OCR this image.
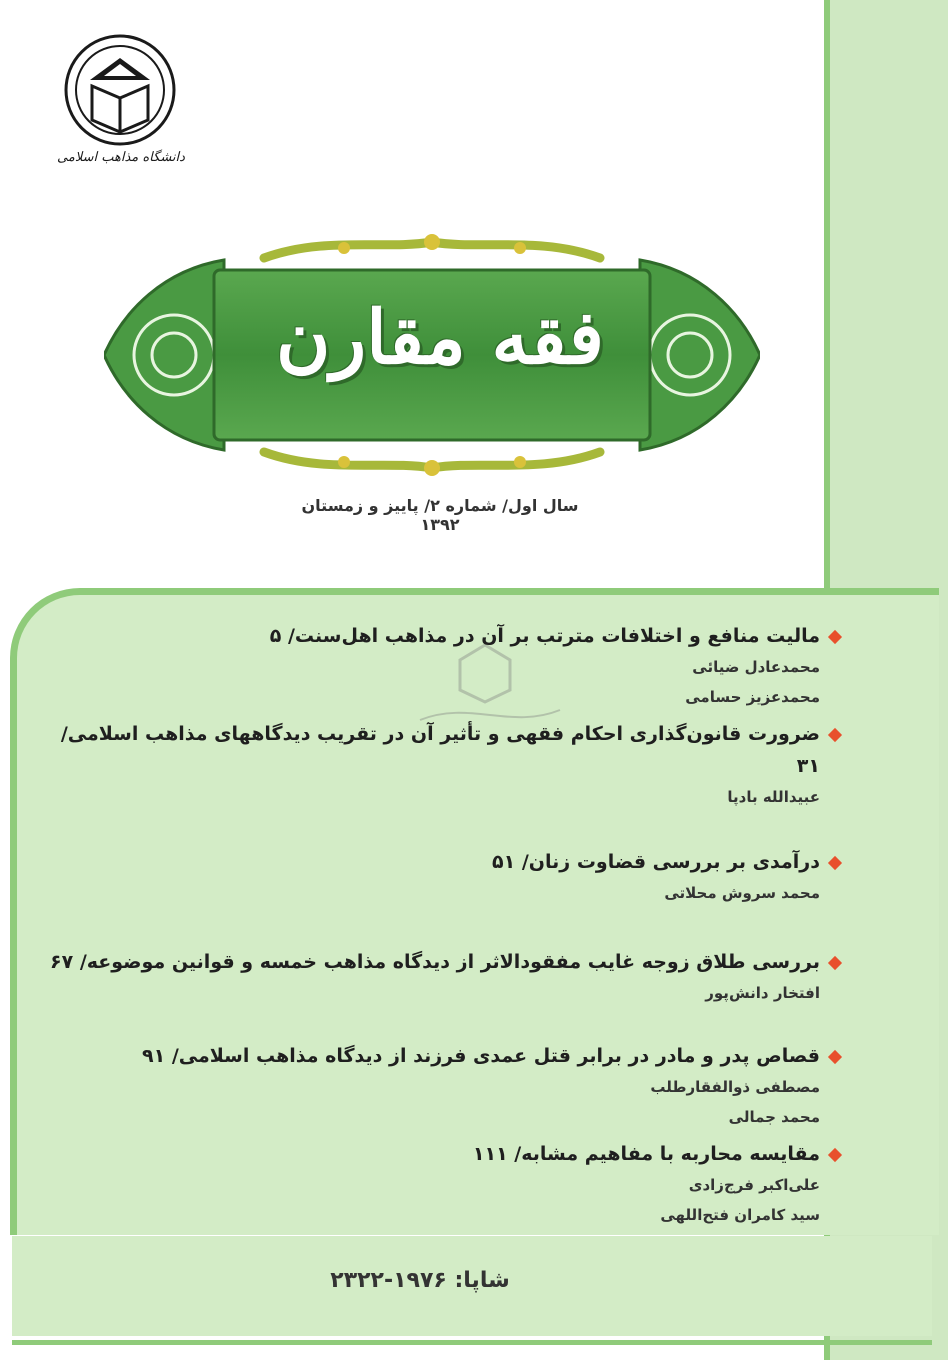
دانشگاه مذاهب اسلامی
فقه مقارن
سال اول/ شماره ۲/ پاییز و زمستان ۱۳۹۲
مالیت منافع و اختلافات مترتب بر آن در مذاهب اهل‌سنت/ ۵
محمدعادل ضیائی
محمدعزیز حسامی
ضرورت قانون‌گذاری احکام فقهی و تأثیر آن در تقریب دیدگاههای مذاهب اسلامی/ ۳۱
عبیدالله بادپا
درآمدی بر بررسی قضاوت زنان/ ۵۱
محمد سروش محلاتی
بررسی طلاق زوجه غایب مفقودالاثر از دیدگاه مذاهب خمسه و قوانین موضوعه/ ۶۷
افتخار دانش‌پور
قصاص پدر و مادر در برابر قتل عمدی فرزند از دیدگاه مذاهب اسلامی/ ۹۱
مصطفی ذوالفقارطلب
محمد جمالی
مقایسه محاربه با مفاهیم مشابه/ ۱۱۱
علی‌اکبر فرج‌زادی
سید کامران فتح‌اللهی
شاپا: ۱۹۷۶-۲۳۲۲
